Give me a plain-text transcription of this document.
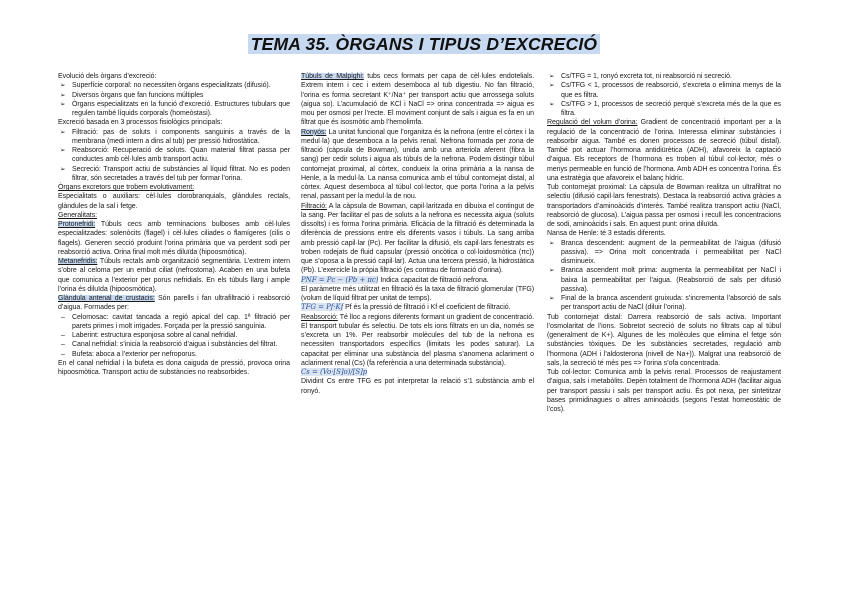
TEMA 35. ÒRGANS I TIPUS D’EXCRECIÓ

Evolució dels òrgans d’excreció:

➢ Superfície corporal: no necessiten òrgans especialitzats (difusió).

➢ Diversos òrgans que fan funcions múltiples

➢ Òrgans especialitzats en la funció d’excreció. Estructures tubulars que regulen també líquids corporals (homeòstasi).

Excreció basada en 3 processos fisiològics principals:

➢ Filtració: pas de soluts i components sanguinis a través de la membrana (medi intern a dins al tub) per pressió hidrostàtica.

➢ Reabsorció: Recuperació de soluts. Quan material filtrat passa per conductes amb cèl·lules amb transport actiu.

➢ Secreció: Transport actiu de substàncies al líquid filtrat. No es poden filtrar, són secretades a través del tub per formar l’orina.

Òrgans excretors que trobem evolutivament:

Especialitats o auxiliars: cèl·lules clorobranquials, glàndules rectals, glàndules de la sal i fetge.

Generalitats:

Protonefridi: Túbuls cecs amb terminacions bulboses amb cèl·lules especialitzades: solenòcits (flagel) i cèl·lules ciliades o flamígeres (cilis o flagels). Generen secció produint l’orina primària que va perdent sodi per reabsorció activa. Orina final molt més diluïda (hipoosmòtica).

Metanefridis: Túbuls rectals amb organització segmentària. L’extrem intern s’obre al celoma per un embut ciliat (nefrostoma). Acaben en una bufeta que comunica a l’exterior per porus nefridials. En els túbuls llarg i ample l’orina és diluïda (hipoosmòtica).

Glàndula antenal de crustacis: Són parells i fan ultrafiltració i reabsorció d’aigua. Formades per:

– Celomosac: cavitat tancada a regió apical del cap. 1ª filtració per parets primes i molt irrigades. Forçada per la pressió sanguínia.

– Laberint: estructura esponjosa sobre al canal nefridial.

– Canal nefridial: s’inicia la reabsorció d’aigua i substàncies del filtrat.

– Bufeta: aboca a l’exterior per nefroporus.

En el canal nefridial i la bufeta es dona caiguda de pressió, provoca orina hipoosmòtica. Transport actiu de substàncies no reabsorbides.

Túbuls de Malpighi: tubs cecs formats per capa de cèl·lules endotelials. Extrem intern i cec i extern desemboca al tub digestiu. No fan filtració, l’orina es forma secretant K⁺/Na⁺ per transport actiu que arrossega soluts (aigua so). L’acumulació de KCl i NaCl => orina concentrada => aigua es mou per osmosi per l’recte. El moviment conjunt de sals i aigua es fa en un filtrat que és isosmòtic amb l’hemolimfa.

Ronyós: La unitat funcional que l’organitza és la nefrona (entre el còrtex i la medul·la) que desemboca a la pelvis renal. Nefrona formada per zona de filtració (càpsula de Bowman), unida amb una arteriola aferent (fibra la sang) per cedir soluts i aigua als túbuls de la nefrona. Podem distingir túbul contornejat proximal, al còrtex, condueix la orina primària a la nansa de Henle, a la medul·la. La nansa comunica amb el túbul contornejat distal, al còrtex. Aquest desemboca al túbul col·lector, que porta l’orina a la pelvis renal, passant per la medul·la de nou.

Filtració: A la càpsula de Bowman, capil·laritzada en dibuixa el contingut de la sang. Per facilitar el pas de soluts a la nefrona es necessita aigua (soluts dissolts) i es forma l’orina primària. Eficàcia de la filtració és determinada la diferència de pressions entre els diferents vasos i túbuls. La sang arriba amb pressió capil·lar (Pc). Per facilitar la difusió, els capil·lars fenestrats es troben rodejats de fluid capsular (pressió oncòtica o col·loidosmòtica (πc)) que s’oposa a la pressió capil·lar). Actua una tercera pressió, la hidrostàtica (Pb). L’exercicle la pròpia filtració (es contrau de formació d’orina).

PNF = Pc − (Pb + πc) Indica capacitat de filtració nefrona.

El paràmetre més utilitzat en filtració és la taxa de filtració glomerular (TFG) (volum de líquid filtrat per unitat de temps).

TFG = Pf·Kf Pf és la pressió de filtració i Kf el coeficient de filtració.

Reabsorció: Té lloc a regions diferents formant un gradient de concentració. El transport tubular és selectiu. De tots els ions filtrats en un dia, només se s’excreta un 1%. Per reabsorbir molècules del tub de la nefrona es necessiten transportadors específics (limitats les podes saturar). La capacitat per eliminar una substància del plasma s’anomena aclariment o aclariment renal (Cs) (fa referència a una determinada substància).

Cs = (Vo·[S]o)/[S]p

Dividint Cs entre TFG es pot interpretar la relació s’1 substància amb el ronyó.

➢ Cs/TFG = 1, ronyó excreta tot, ni reabsorció ni secreció.

➢ Cs/TFG < 1, processos de reabsorció, s’excreta o elimina menys de la que es filtra.

➢ Cs/TFG > 1, processos de secreció perquè s’excreta més de la que es filtra.

Regulació del volum d’orina: Gradient de concentració important per a la regulació de la concentració de l’orina. Interessa eliminar substàncies i reabsorbir aigua. També es donen processos de secreció (túbul distal). També pot actuar l’hormona antidiürètica (ADH), afavoreix la captació d’aigua. Els receptors de l’hormona es troben al túbul col·lector, més o menys permeable en funció de l’hormona. Amb ADH es concentra l’orina. És una estratègia que afavoreix el balanç hídric.

Tub contornejat proximal: La càpsula de Bowman realitza un ultrafiltrat no selectiu (difusió capil·lars fenestrats). Destaca la reabsorció activa gràcies a transportadors d’aminoàcids d’interès. També realitza transport actiu (NaCl, reabsorció de glucosa). L’aigua passa per osmosi i recull les concentracions de sodi, aminoàcids i sals. En aquest punt: orina diluïda.

Nansa de Henle: té 3 estadis diferents.

➢ Branca descendent: augment de la permeabilitat de l’aigua (difusió passiva). => Orina molt concentrada i permeabilitat per NaCl disminueix.

➢ Branca ascendent molt prima: augmenta la permeabilitat per NaCl i baixa la permeabilitat per l’aigua. (Reabsorció de sals per difusió passiva).

➢ Final de la branca ascendent gruixuda: s’incrementa l’absorció de sals per transport actiu de NaCl (diluir l’orina).

Tub contornejat distal: Darrera reabsorció de sals activa. Important l’osmolaritat de l’ions. Sobretot secreció de soluts no filtrats cap al túbul (generalment de K+). Algunes de les molècules que elimina el fetge són substàncies tòxiques. De les substàncies secretades, regulació amb l’hormona (ADH i l’aldosterona (nivell de Na+)). Malgrat una reabsorció de sals, la secreció té més pes => l’orina s’ofa concentrada.

Tub col·lector: Comunica amb la pelvis renal. Processos de reajustament d’aigua, sals i metabòlits. Depèn totalment de l’hormona ADH (facilitar aigua per transport passiu i sals per transport actiu. És pot nexa, per sintetitzar bases primidinagues o altres aminoàcids (segons l’estat homeostàtic de l’cos).
